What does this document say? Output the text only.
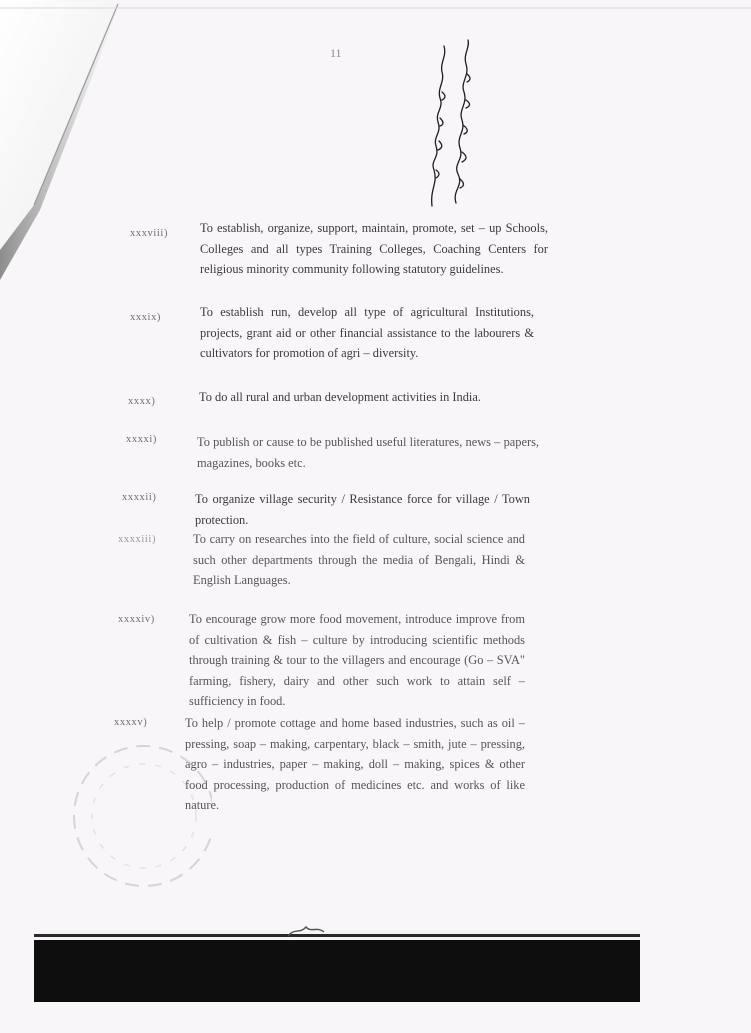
11
xxxviii)	To establish, organize, support, maintain, promote, set – up Schools, Colleges and all types Training Colleges, Coaching Centers for religious minority community following statutory guidelines.
xxxix)	To establish run, develop all type of agricultural Institutions, projects, grant aid or other financial assistance to the labourers & cultivators for promotion of agri – diversity.
xxxx)	To do all rural and urban development activities in India.
xxxxi)	To publish or cause to be published useful literatures, news – papers, magazines, books etc.
xxxxii)	To organize village security / Resistance force for village / Town protection.
xxxxiii)	To carry on researches into the field of culture, social science and such other departments through the media of Bengali, Hindi & English Languages.
xxxxiv)	To encourage grow more food movement, introduce improve from of cultivation & fish – culture by introducing scientific methods through training & tour to the villagers and encourage (Go – SVA" farming, fishery, dairy and other such work to attain self – sufficiency in food.
xxxxv)	To help / promote cottage and home based industries, such as oil – pressing, soap – making, carpentary, black – smith, jute – pressing, agro – industries, paper – making, doll – making, spices & other food processing, production of medicines etc. and works of like nature.
